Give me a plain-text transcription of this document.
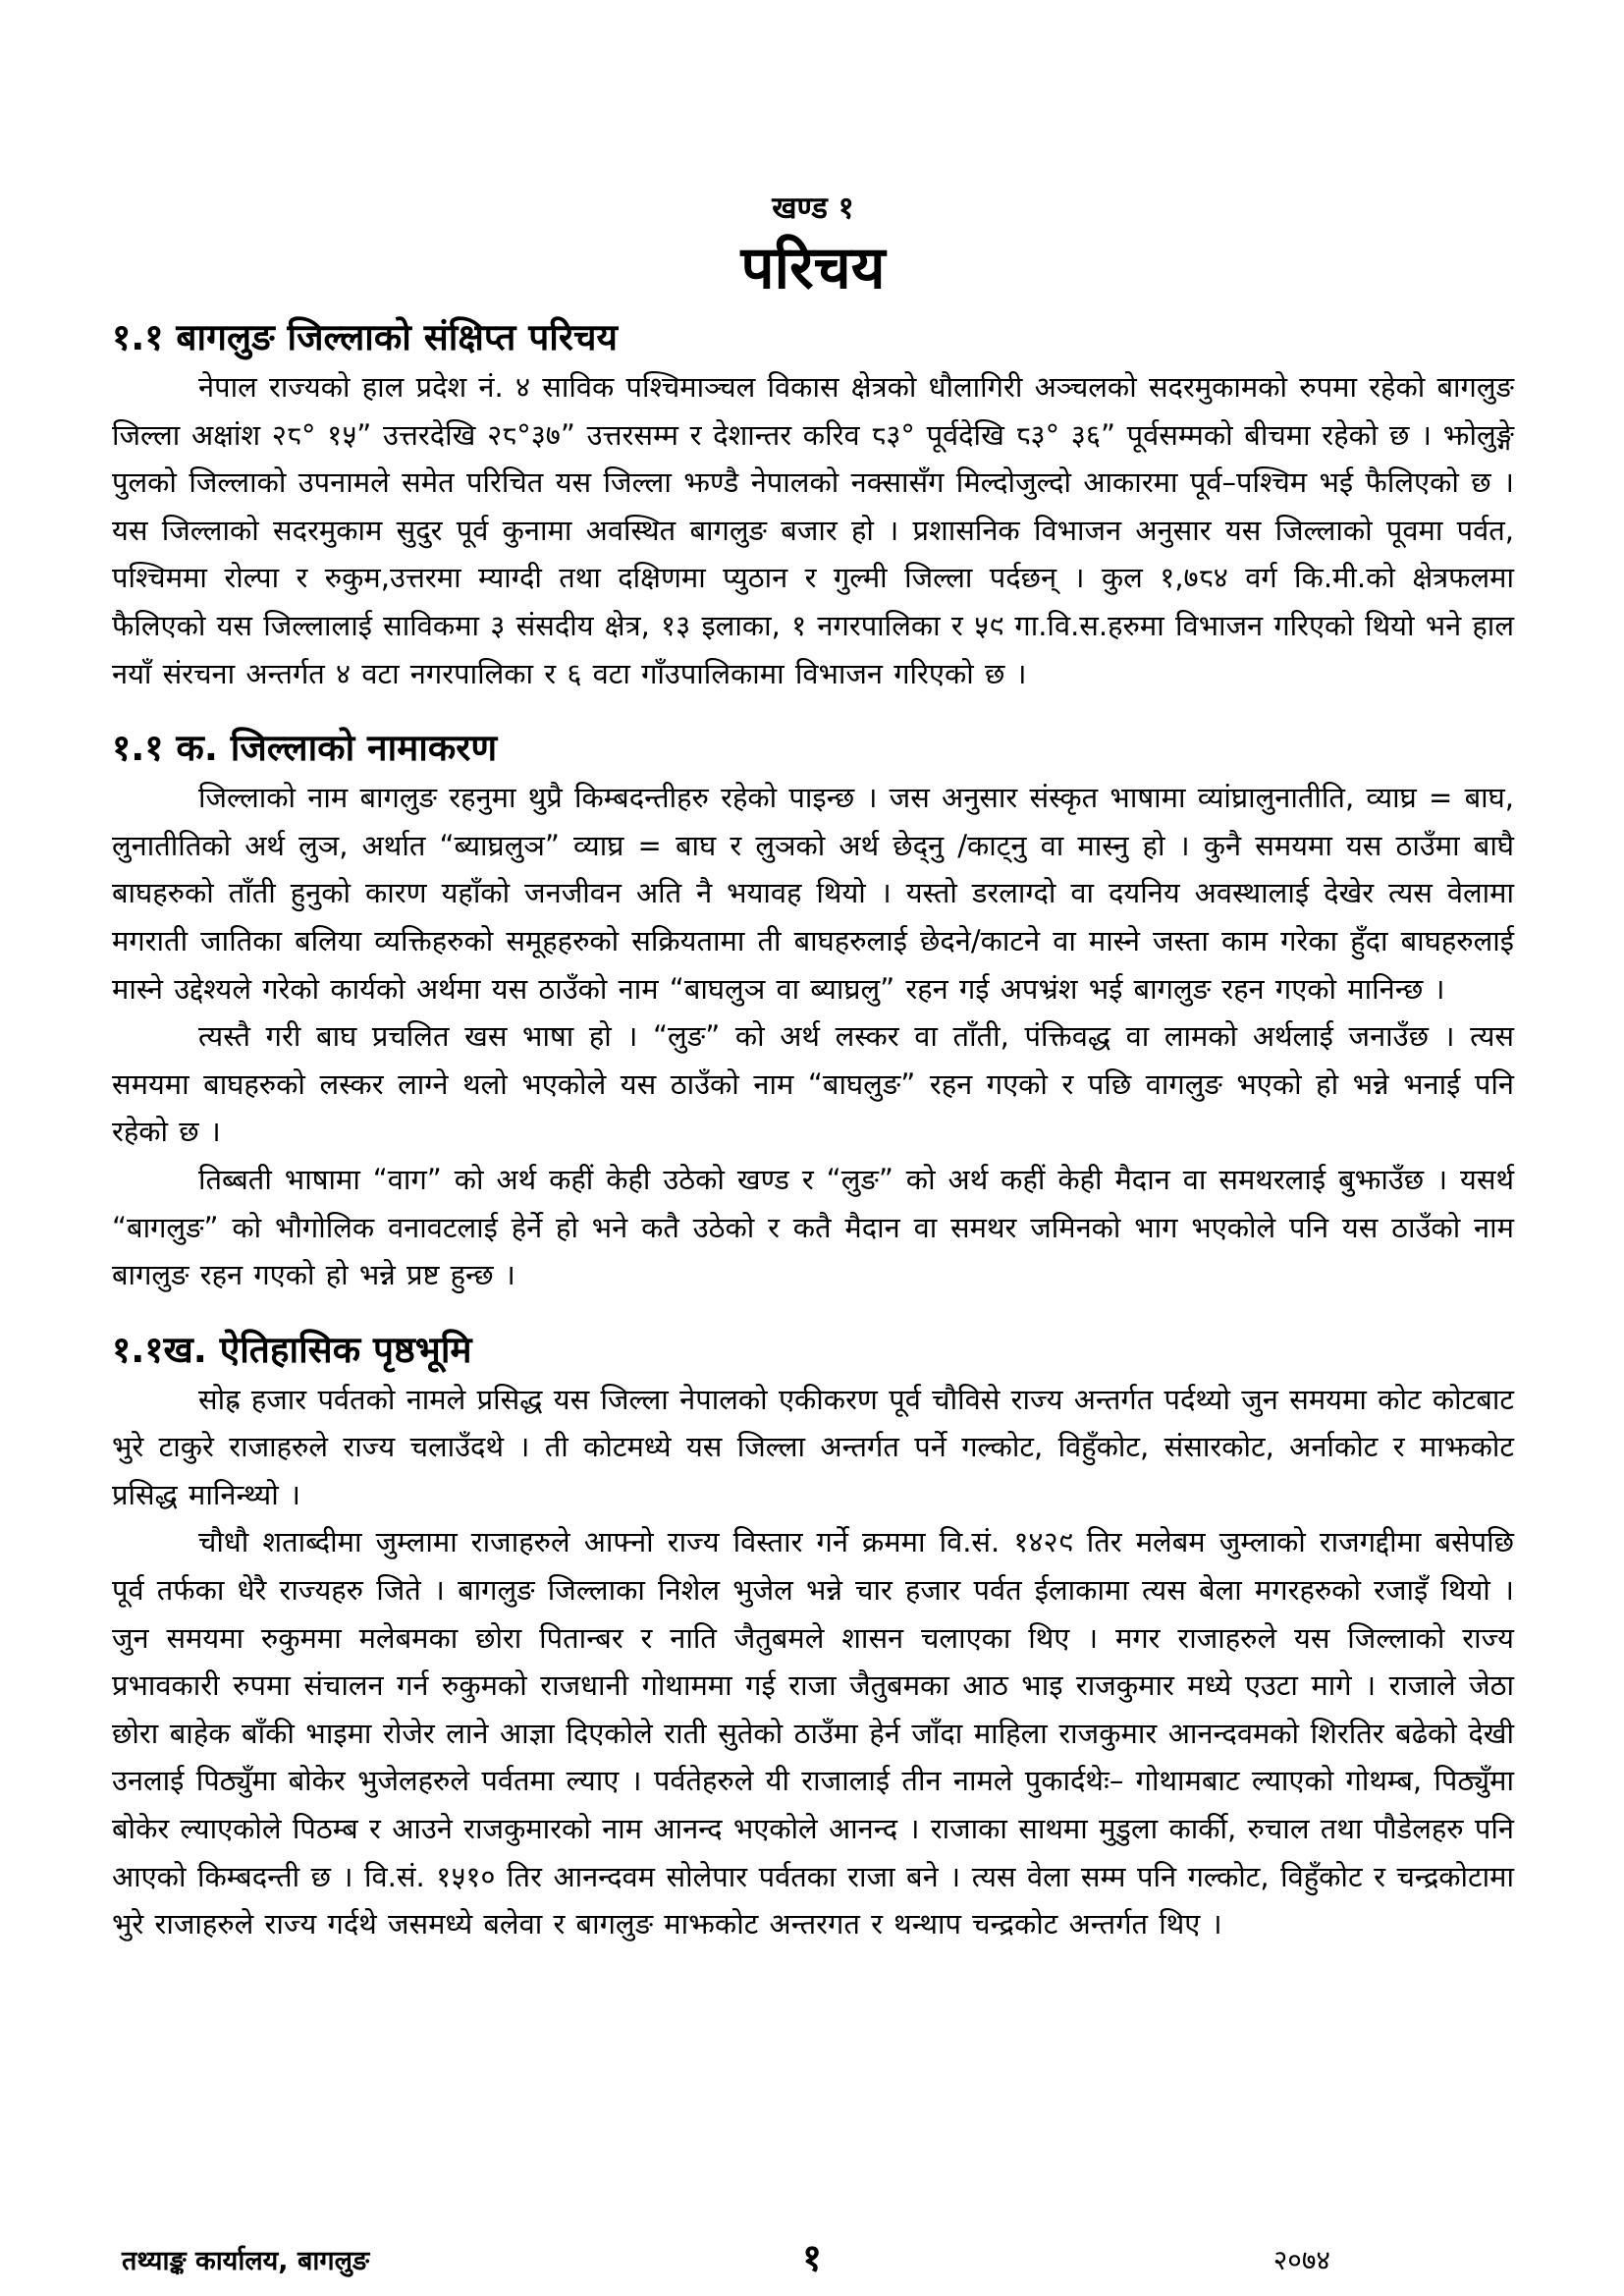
खण्ड १
परिचय
१.१ बागलुङ जिल्लाको संक्षिप्त परिचय

नेपाल राज्यको हाल प्रदेश नं. ४ साविक पश्चिमाञ्चल विकास क्षेत्रको धौलागिरी अञ्चलको सदरमुकामको रुपमा रहेको बागलुङ जिल्ला अक्षांश २८° १५” उत्तरदेखि २८°३७” उत्तरसम्म र देशान्तर करिव ८३° पूर्वदेखि ८३° ३६” पूर्वसम्मको बीचमा रहेको छ । झोलुङ्गे पुलको जिल्लाको उपनामले समेत परिचित यस जिल्ला झण्डै नेपालको नक्सासँग मिल्दोजुल्दो आकारमा पूर्व–पश्चिम भई फैलिएको छ । यस जिल्लाको सदरमुकाम सुदुर पूर्व कुनामा अवस्थित बागलुङ बजार हो । प्रशासनिक विभाजन अनुसार यस जिल्लाको पूवमा पर्वत, पश्चिममा रोल्पा र रुकुम,उत्तरमा म्याग्दी तथा दक्षिणमा प्युठान र गुल्मी जिल्ला पर्दछन् । कुल १,७८४ वर्ग कि.मी.को क्षेत्रफलमा फैलिएको यस जिल्लालाई साविकमा ३ संसदीय क्षेत्र, १३ इलाका, १ नगरपालिका र ५९ गा.वि.स.हरुमा विभाजन गरिएको थियो भने हाल नयाँ संरचना अन्तर्गत ४ वटा नगरपालिका र ६ वटा गाँउपालिकामा विभाजन गरिएको छ ।

१.१ क. जिल्लाको नामाकरण

जिल्लाको नाम बागलुङ रहनुमा थुप्रै किम्बदन्तीहरु रहेको पाइन्छ । जस अनुसार संस्कृत भाषामा व्यांघ्रालुनातीति, व्याघ्र = बाघ, लुनातीतिको अर्थ लुञ, अर्थात “ब्याघ्रलुञ” व्याघ्र = बाघ र लुञको अर्थ छेद्नु /काट्नु वा मास्नु हो । कुनै समयमा यस ठाउँमा बाघै बाघहरुको ताँती हुनुको कारण यहाँको जनजीवन अति नै भयावह थियो । यस्तो डरलाग्दो वा दयनिय अवस्थालाई देखेर त्यस वेलामा मगराती जातिका बलिया व्यक्तिहरुको समूहहरुको सक्रियतामा ती बाघहरुलाई छेदने/काटने वा मास्ने जस्ता काम गरेका हुँदा बाघहरुलाई मास्ने उद्देश्यले गरेको कार्यको अर्थमा यस ठाउँको नाम “बाघलुञ वा ब्याघ्रलु” रहन गई अपभ्रंश भई बागलुङ रहन गएको मानिन्छ ।

त्यस्तै गरी बाघ प्रचलित खस भाषा हो । “लुङ” को अर्थ लस्कर वा ताँती, पंक्तिवद्ध वा लामको अर्थलाई जनाउँछ । त्यस समयमा बाघहरुको लस्कर लाग्ने थलो भएकोले यस ठाउँको नाम “बाघलुङ” रहन गएको र पछि वागलुङ भएको हो भन्ने भनाई पनि रहेको छ ।

तिब्बती भाषामा “वाग” को अर्थ कहीं केही उठेको खण्ड र “लुङ” को अर्थ कहीं केही मैदान वा समथरलाई बुझाउँछ । यसर्थ “बागलुङ” को भौगोलिक वनावटलाई हेर्ने हो भने कतै उठेको र कतै मैदान वा समथर जमिनको भाग भएकोले पनि यस ठाउँको नाम बागलुङ रहन गएको हो भन्ने प्रष्ट हुन्छ ।

१.१ख. ऐतिहासिक पृष्ठभूमि

सोह्र हजार पर्वतको नामले प्रसिद्ध यस जिल्ला नेपालको एकीकरण पूर्व चौविसे राज्य अन्तर्गत पर्दथ्यो जुन समयमा कोट कोटबाट भुरे टाकुरे राजाहरुले राज्य चलाउँदथे । ती कोटमध्ये यस जिल्ला अन्तर्गत पर्ने गल्कोट, विहुँकोट, संसारकोट, अर्नाकोट र माझकोट प्रसिद्ध मानिन्थ्यो ।

चौधौ शताब्दीमा जुम्लामा राजाहरुले आफ्नो राज्य विस्तार गर्ने क्रममा वि.सं. १४२९ तिर मलेबम जुम्लाको राजगद्दीमा बसेपछि पूर्व तर्फका धेरै राज्यहरु जिते । बागलुङ जिल्लाका निशेल भुजेल भन्ने चार हजार पर्वत ईलाकामा त्यस बेला मगरहरुको रजाइँ थियो । जुन समयमा रुकुममा मलेबमका छोरा पितान्बर र नाति जैतुबमले शासन चलाएका थिए । मगर राजाहरुले यस जिल्लाको राज्य प्रभावकारी रुपमा संचालन गर्न रुकुमको राजधानी गोथाममा गई राजा जैतुबमका आठ भाइ राजकुमार मध्ये एउटा मागे । राजाले जेठा छोरा बाहेक बाँकी भाइमा रोजेर लाने आज्ञा दिएकोले राती सुतेको ठाउँमा हेर्न जाँदा माहिला राजकुमार आनन्दवमको शिरतिर बढेको देखी उनलाई पिठ्युँमा बोकेर भुजेलहरुले पर्वतमा ल्याए । पर्वतेहरुले यी राजालाई तीन नामले पुकार्दथेः– गोथामबाट ल्याएको गोथम्ब, पिठ्युँमा बोकेर ल्याएकोले पिठम्ब र आउने राजकुमारको नाम आनन्द भएकोले आनन्द । राजाका साथमा मुडुला कार्की, रुचाल तथा पौडेलहरु पनि आएको किम्बदन्ती छ । वि.सं. १५१० तिर आनन्दवम सोलेपार पर्वतका राजा बने । त्यस वेला सम्म पनि गल्कोट, विहुँकोट र चन्द्रकोटामा भुरे राजाहरुले राज्य गर्दथे जसमध्ये बलेवा र बागलुङ माझकोट अन्तरगत र थन्थाप चन्द्रकोट अन्तर्गत थिए ।

तथ्याङ्क कार्यालय, बागलुङ	१	२०७४
